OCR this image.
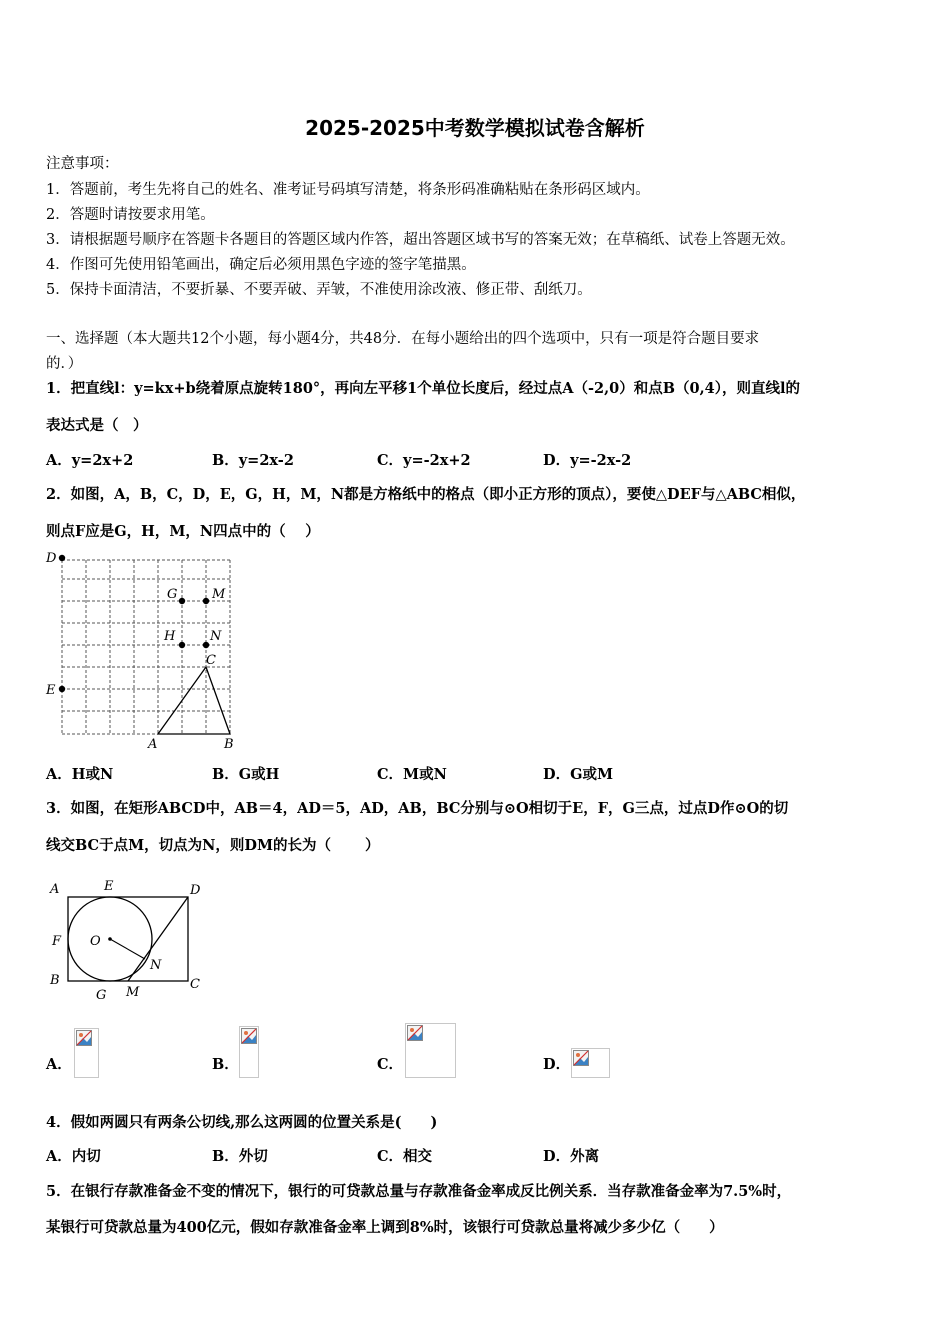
2025-2025中考数学模拟试卷含解析
注意事项：
1．答题前，考生先将自己的姓名、准考证号码填写清楚，将条形码准确粘贴在条形码区域内。
2．答题时请按要求用笔。
3．请根据题号顺序在答题卡各题目的答题区域内作答，超出答题区域书写的答案无效；在草稿纸、试卷上答题无效。
4．作图可先使用铅笔画出，确定后必须用黑色字迹的签字笔描黑。
5．保持卡面清洁，不要折暴、不要弄破、弄皱，不准使用涂改液、修正带、刮纸刀。
一、选择题（本大题共12个小题，每小题4分，共48分．在每小题给出的四个选项中，只有一项是符合题目要求
的．）
1．把直线l：y=kx+b绕着原点旋转180°，再向左平移1个单位长度后，经过点A（-2,0）和点B（0,4），则直线l的
表达式是（　）
A．y=2x+2	B．y=2x-2	C．y=-2x+2	D．y=-2x-2
2．如图，A，B，C，D，E，G，H，M，N都是方格纸中的格点（即小正方形的顶点），要使△DEF与△ABC相似，
则点F应是G，H，M，N四点中的（　 ）
D
G	M
H	N
C
E
A	B
A．H或N	B．G或H	C．M或N	D．G或M
3．如图，在矩形ABCD中，AB＝4，AD＝5，AD，AB，BC分别与⊙O相切于E，F，G三点，过点D作⊙O的切
线交BC于点M，切点为N，则DM的长为（　　 ）
A	E	D
F O
N
B
G M
C
A．	B．	C．	D．
4．假如两圆只有两条公切线,那么这两圆的位置关系是(　　)
A．内切	B．外切	C．相交	D．外离
5．在银行存款准备金不变的情况下，银行的可贷款总量与存款准备金率成反比例关系．当存款准备金率为7.5%时，
某银行可贷款总量为400亿元，假如存款准备金率上调到8%时，该银行可贷款总量将减少多少亿（　　）
